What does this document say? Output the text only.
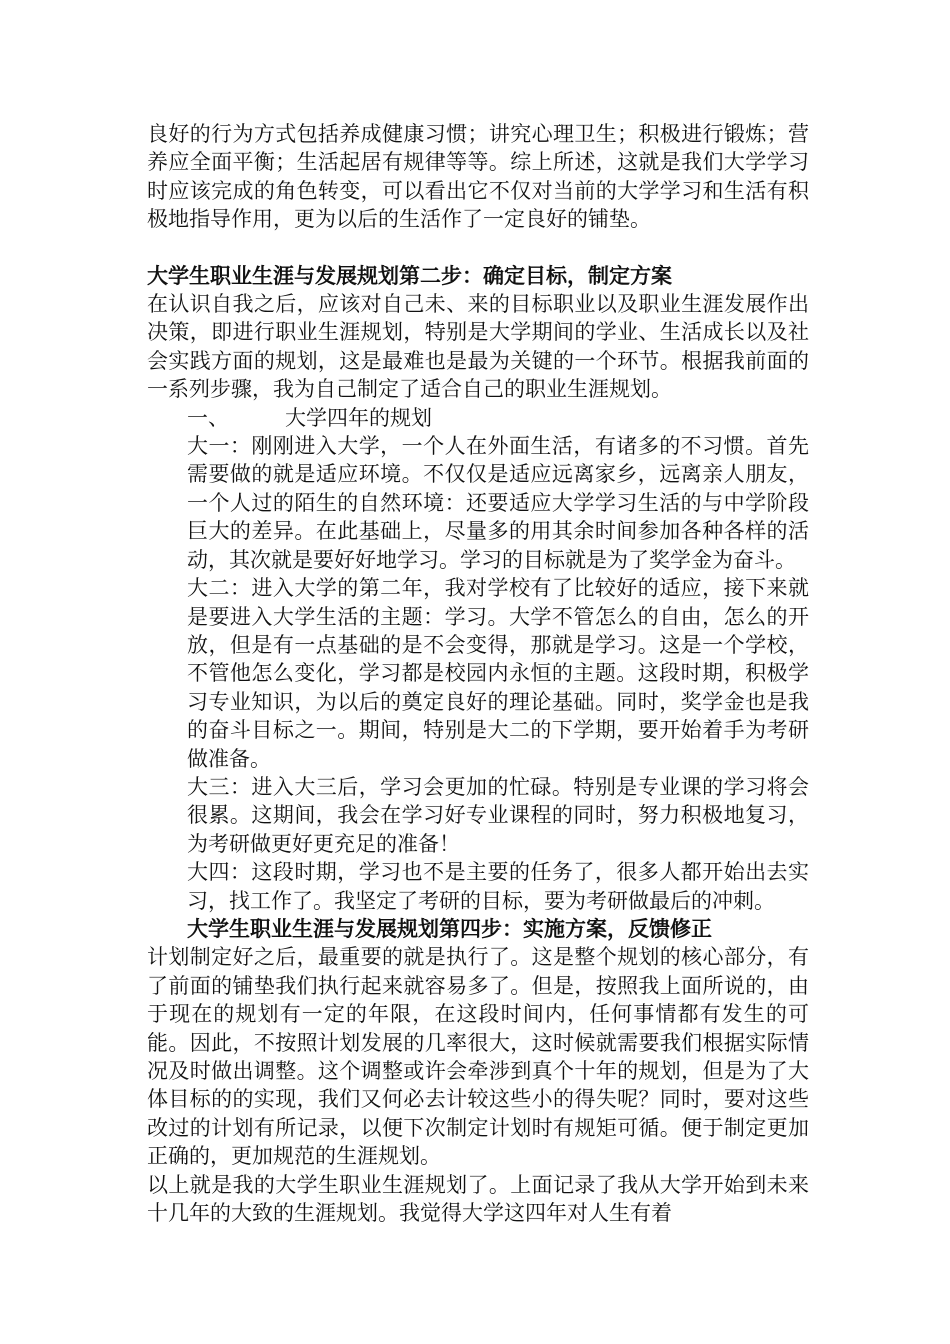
良好的行为方式包括养成健康习惯；讲究心理卫生；积极进行锻炼；营养应全面平衡；生活起居有规律等等。综上所述，这就是我们大学学习时应该完成的角色转变，可以看出它不仅对当前的大学学习和生活有积极地指导作用，更为以后的生活作了一定良好的铺垫。

大学生职业生涯与发展规划第二步：确定目标，制定方案

在认识自我之后，应该对自己未、来的目标职业以及职业生涯发展作出决策，即进行职业生涯规划，特别是大学期间的学业、生活成长以及社会实践方面的规划，这是最难也是最为关键的一个环节。根据我前面的一系列步骤，我为自己制定了适合自己的职业生涯规划。

一、	大学四年的规划

大一：刚刚进入大学，一个人在外面生活，有诸多的不习惯。首先需要做的就是适应环境。不仅仅是适应远离家乡，远离亲人朋友，一个人过的陌生的自然环境：还要适应大学学习生活的与中学阶段巨大的差异。在此基础上，尽量多的用其余时间参加各种各样的活动，其次就是要好好地学习。学习的目标就是为了奖学金为奋斗。

大二：进入大学的第二年，我对学校有了比较好的适应，接下来就是要进入大学生活的主题：学习。大学不管怎么的自由，怎么的开放，但是有一点基础的是不会变得，那就是学习。这是一个学校，不管他怎么变化，学习都是校园内永恒的主题。这段时期，积极学习专业知识，为以后的奠定良好的理论基础。同时，奖学金也是我的奋斗目标之一。期间，特别是大二的下学期，要开始着手为考研做准备。

大三：进入大三后，学习会更加的忙碌。特别是专业课的学习将会很累。这期间，我会在学习好专业课程的同时，努力积极地复习，为考研做更好更充足的准备！

大四：这段时期，学习也不是主要的任务了，很多人都开始出去实习，找工作了。我坚定了考研的目标，要为考研做最后的冲刺。

大学生职业生涯与发展规划第四步：实施方案，反馈修正

计划制定好之后，最重要的就是执行了。这是整个规划的核心部分，有了前面的铺垫我们执行起来就容易多了。但是，按照我上面所说的，由于现在的规划有一定的年限，在这段时间内，任何事情都有发生的可能。因此，不按照计划发展的几率很大，这时候就需要我们根据实际情况及时做出调整。这个调整或许会牵涉到真个十年的规划，但是为了大体目标的的实现，我们又何必去计较这些小的得失呢？同时，要对这些改过的计划有所记录，以便下次制定计划时有规矩可循。便于制定更加正确的，更加规范的生涯规划。

以上就是我的大学生职业生涯规划了。上面记录了我从大学开始到未来十几年的大致的生涯规划。我觉得大学这四年对人生有着
